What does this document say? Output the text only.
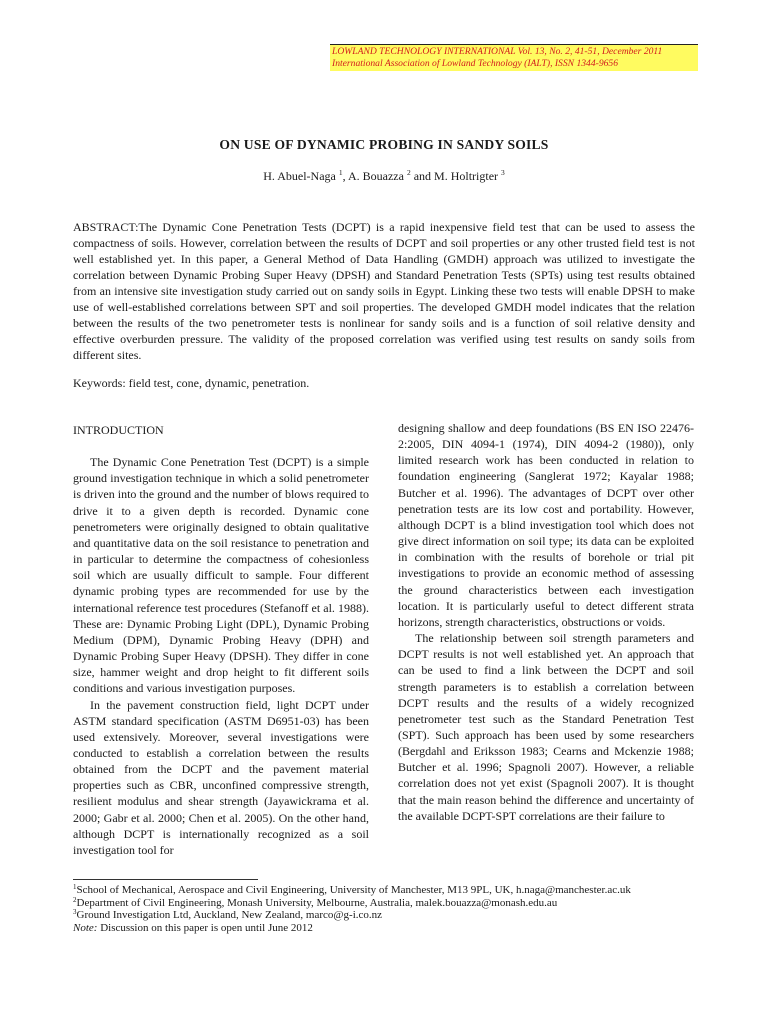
LOWLAND TECHNOLOGY INTERNATIONAL Vol. 13, No. 2, 41-51, December 2011
International Association of Lowland Technology (IALT), ISSN 1344-9656
ON USE OF DYNAMIC PROBING IN SANDY SOILS
H. Abuel-Naga $^1$, A. Bouazza $^2$ and M. Holtrigter $^3$

ABSTRACT:The Dynamic Cone Penetration Tests (DCPT) is a rapid inexpensive field test that can be used to assess the compactness of soils. However, correlation between the results of DCPT and soil properties or any other trusted field test is not well established yet. In this paper, a General Method of Data Handling (GMDH) approach was utilized to investigate the correlation between Dynamic Probing Super Heavy (DPSH) and Standard Penetration Tests (SPTs) using test results obtained from an intensive site investigation study carried out on sandy soils in Egypt. Linking these two tests will enable DPSH to make use of well-established correlations between SPT and soil properties. The developed GMDH model indicates that the relation between the results of the two penetrometer tests is nonlinear for sandy soils and is a function of soil relative density and effective overburden pressure. The validity of the proposed correlation was verified using test results on sandy soils from different sites.

Keywords: field test, cone, dynamic, penetration.

INTRODUCTION

The Dynamic Cone Penetration Test (DCPT) is a simple ground investigation technique in which a solid penetrometer is driven into the ground and the number of blows required to drive it to a given depth is recorded. Dynamic cone penetrometers were originally designed to obtain qualitative and quantitative data on the soil resistance to penetration and in particular to determine the compactness of cohesionless soil which are usually difficult to sample. Four different dynamic probing types are recommended for use by the international reference test procedures (Stefanoff et al. 1988). These are: Dynamic Probing Light (DPL), Dynamic Probing Medium (DPM), Dynamic Probing Heavy (DPH) and Dynamic Probing Super Heavy (DPSH). They differ in cone size, hammer weight and drop height to fit different soils conditions and various investigation purposes.

In the pavement construction field, light DCPT under ASTM standard specification (ASTM D6951-03) has been used extensively. Moreover, several investigations were conducted to establish a correlation between the results obtained from the DCPT and the pavement material properties such as CBR, unconfined compressive strength, resilient modulus and shear strength (Jayawickrama et al. 2000; Gabr et al. 2000; Chen et al. 2005). On the other hand, although DCPT is internationally recognized as a soil investigation tool for

designing shallow and deep foundations (BS EN ISO 22476-2:2005, DIN 4094-1 (1974), DIN 4094-2 (1980)), only limited research work has been conducted in relation to foundation engineering (Sanglerat 1972; Kayalar 1988; Butcher et al. 1996). The advantages of DCPT over other penetration tests are its low cost and portability. However, although DCPT is a blind investigation tool which does not give direct information on soil type; its data can be exploited in combination with the results of borehole or trial pit investigations to provide an economic method of assessing the ground characteristics between each investigation location. It is particularly useful to detect different strata horizons, strength characteristics, obstructions or voids.

The relationship between soil strength parameters and DCPT results is not well established yet. An approach that can be used to find a link between the DCPT and soil strength parameters is to establish a correlation between DCPT results and the results of a widely recognized penetrometer test such as the Standard Penetration Test (SPT). Such approach has been used by some researchers (Bergdahl and Eriksson 1983; Cearns and Mckenzie 1988; Butcher et al. 1996; Spagnoli 2007). However, a reliable correlation does not yet exist (Spagnoli 2007). It is thought that the main reason behind the difference and uncertainty of the available DCPT-SPT correlations are their failure to

$^1$School of Mechanical, Aerospace and Civil Engineering, University of Manchester, M13 9PL, UK, h.naga@manchester.ac.uk
$^2$Department of Civil Engineering, Monash University, Melbourne, Australia, malek.bouazza@monash.edu.au
$^3$Ground Investigation Ltd, Auckland, New Zealand, marco@g-i.co.nz
Note: Discussion on this paper is open until June 2012
